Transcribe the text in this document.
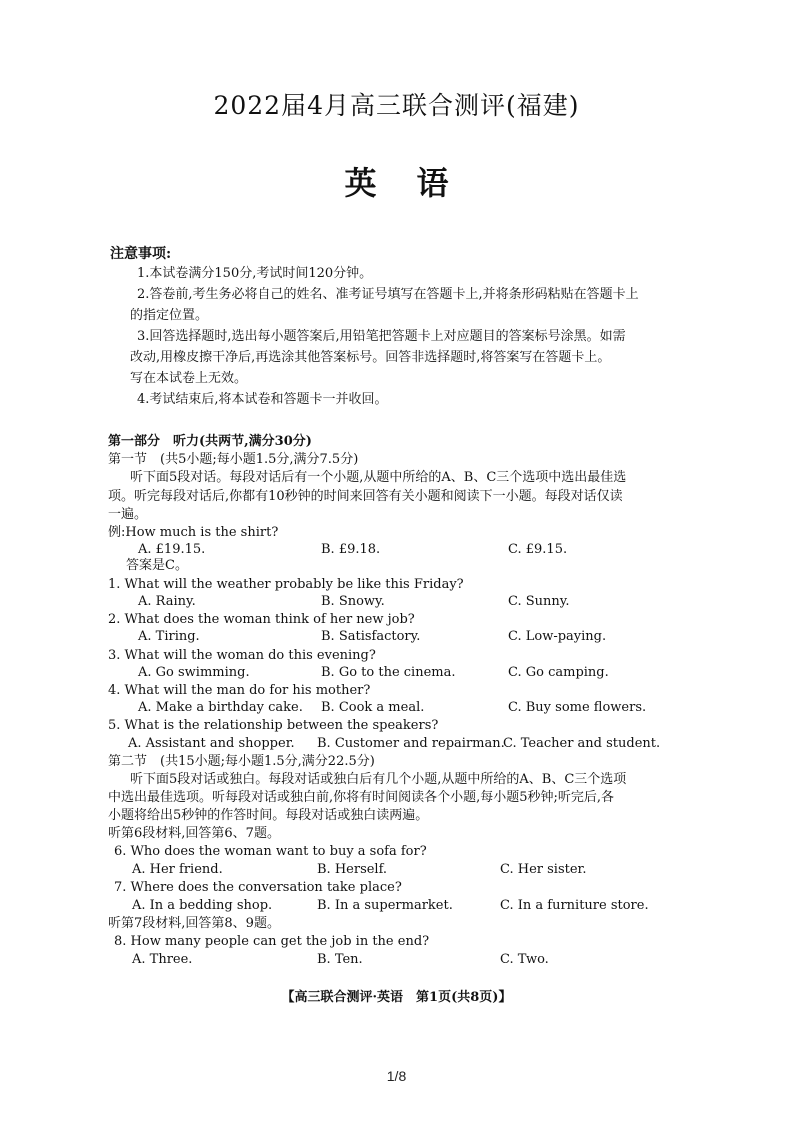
2022届4月高三联合测评(福建)
英语
注意事项:
1.本试卷满分150分,考试时间120分钟。
2.答卷前,考生务必将自己的姓名、准考证号填写在答题卡上,并将条形码粘贴在答题卡上
的指定位置。
3.回答选择题时,选出每小题答案后,用铅笔把答题卡上对应题目的答案标号涂黑。如需
改动,用橡皮擦干净后,再选涂其他答案标号。回答非选择题时,将答案写在答题卡上。
写在本试卷上无效。
4.考试结束后,将本试卷和答题卡一并收回。
第一部分　听力(共两节,满分30分)
第一节　(共5小题;每小题1.5分,满分7.5分)
听下面5段对话。每段对话后有一个小题,从题中所给的A、B、C三个选项中选出最佳选
项。听完每段对话后,你都有10秒钟的时间来回答有关小题和阅读下一小题。每段对话仅读
一遍。
例:How much is the shirt?
A. £19.15.	B. £9.18.	C. £9.15.
答案是C。
1. What will the weather probably be like this Friday?
A. Rainy.	B. Snowy.	C. Sunny.
2. What does the woman think of her new job?
A. Tiring.	B. Satisfactory.	C. Low-paying.
3. What will the woman do this evening?
A. Go swimming.	B. Go to the cinema.	C. Go camping.
4. What will the man do for his mother?
A. Make a birthday cake. B. Cook a meal.	C. Buy some flowers.
5. What is the relationship between the speakers?
A. Assistant and shopper. B. Customer and repairman.
C. Teacher and student.
第二节　(共15小题;每小题1.5分,满分22.5分)
听下面5段对话或独白。每段对话或独白后有几个小题,从题中所给的A、B、C三个选项
中选出最佳选项。听每段对话或独白前,你将有时间阅读各个小题,每小题5秒钟;听完后,各
小题将给出5秒钟的作答时间。每段对话或独白读两遍。
听第6段材料,回答第6、7题。
6. Who does the woman want to buy a sofa for?
A. Her friend.	B. Herself.	C. Her sister.
7. Where does the conversation take place?
A. In a bedding shop.	B. In a supermarket.	C. In a furniture store.
听第7段材料,回答第8、9题。
8. How many people can get the job in the end?
A. Three.	B. Ten.	C. Two.
【高三联合测评·英语　第1页(共8页)】
1/8
